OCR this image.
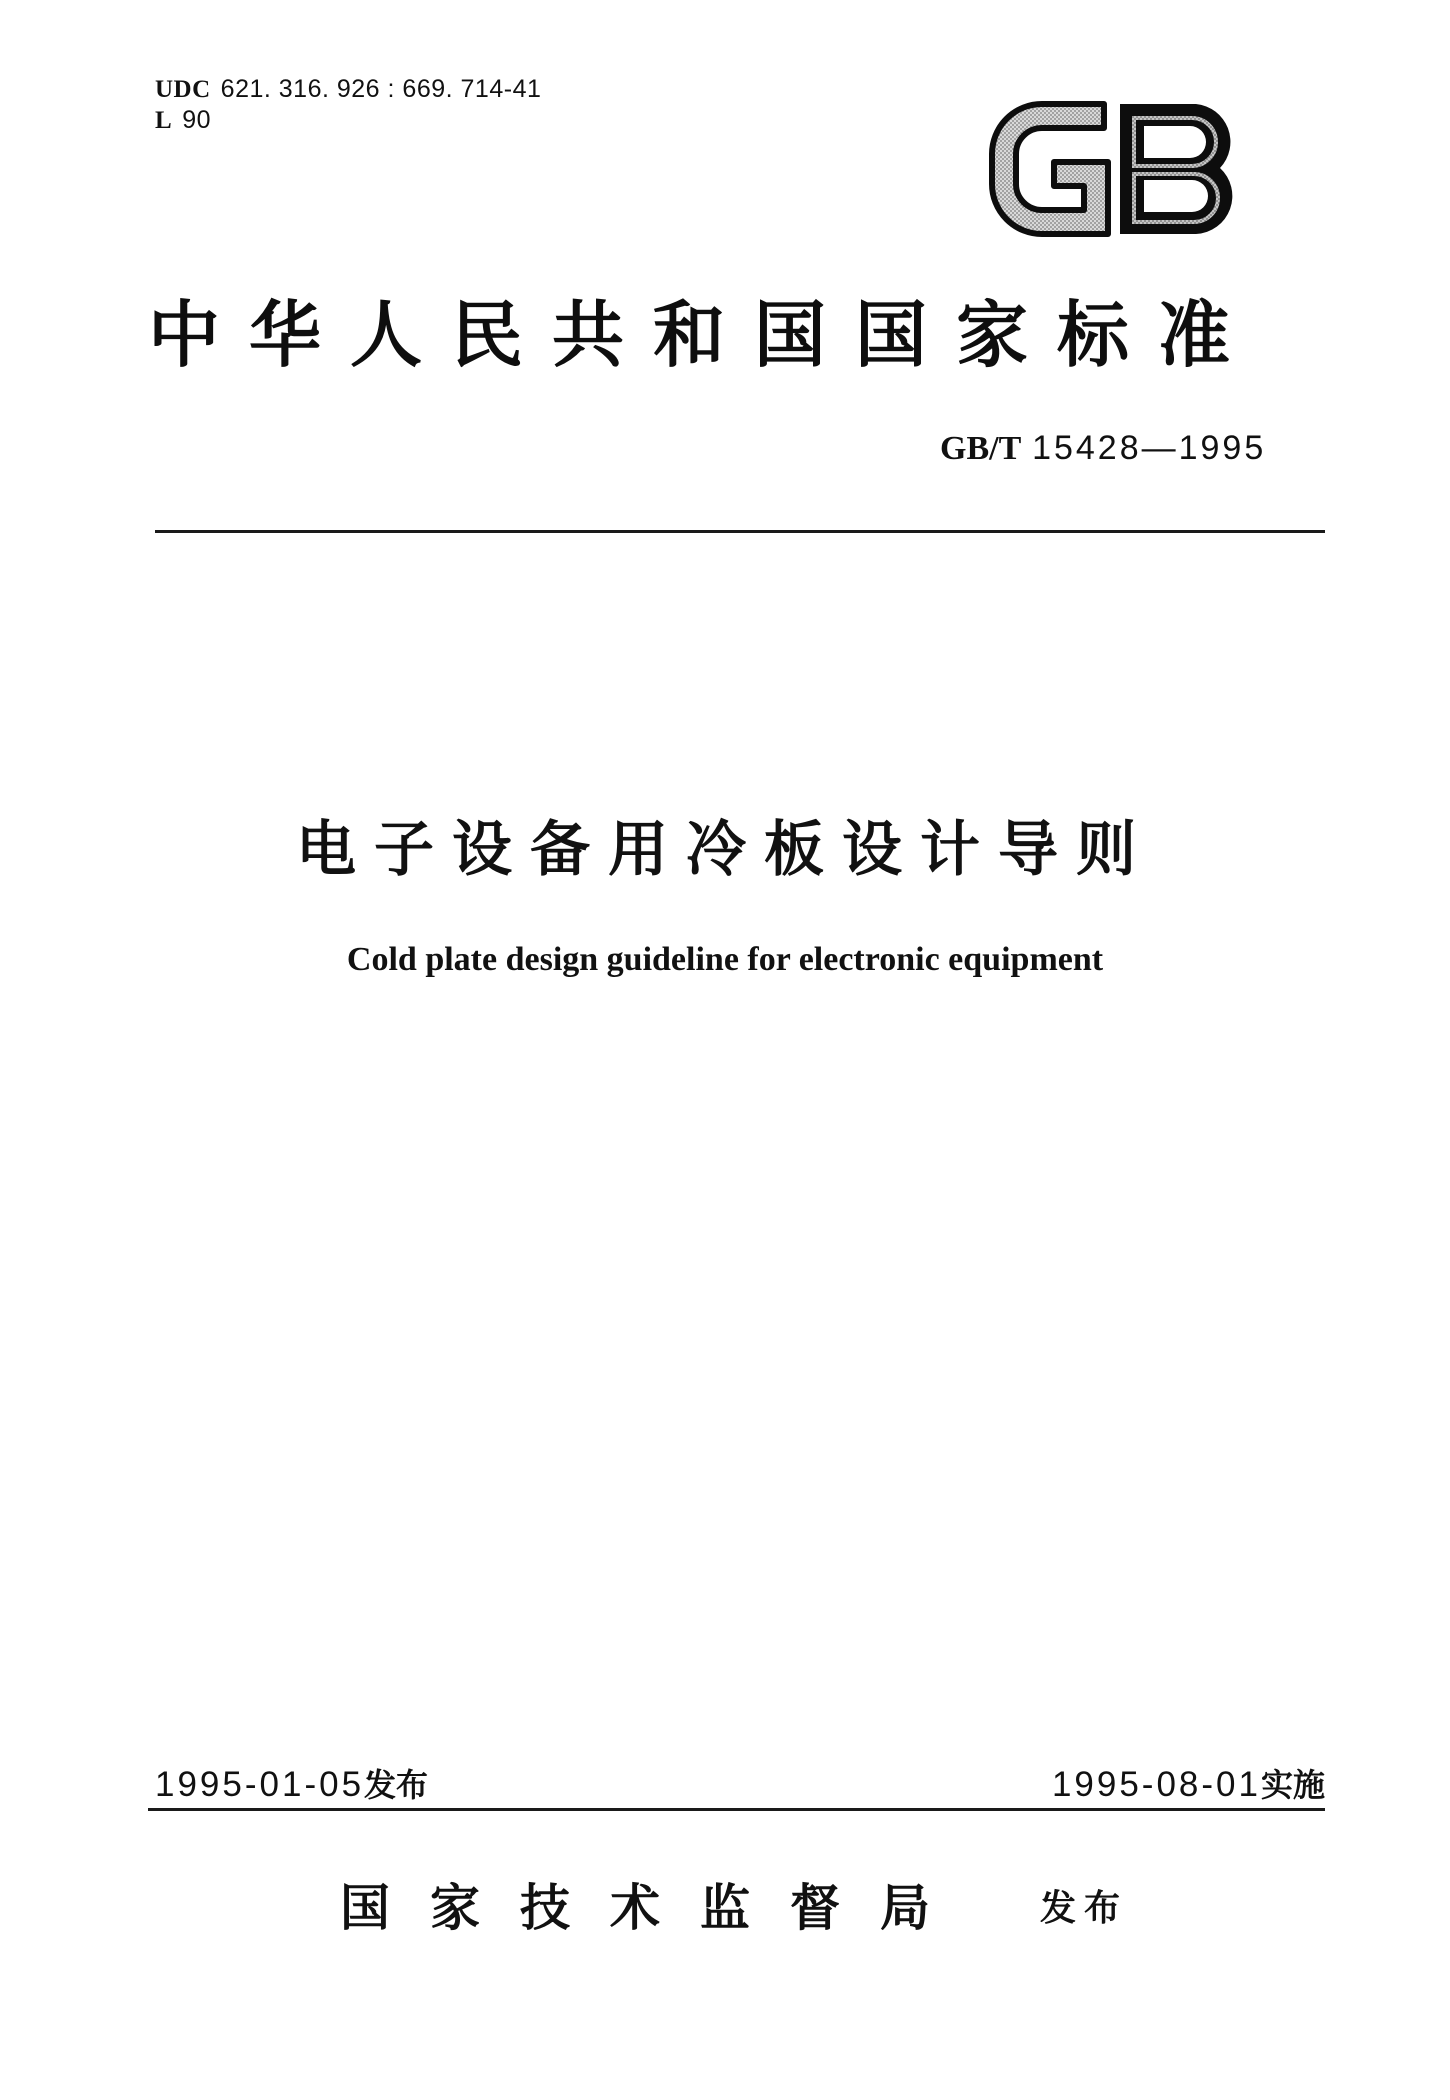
UDC 621. 316. 926 : 669. 714-41
L 90
中华人民共和国国家标准
GB/T 15428—1995
电子设备用冷板设计导则
Cold plate design guideline for electronic equipment
1995-01-05发布	1995-08-01实施
国家技术监督局 发布
